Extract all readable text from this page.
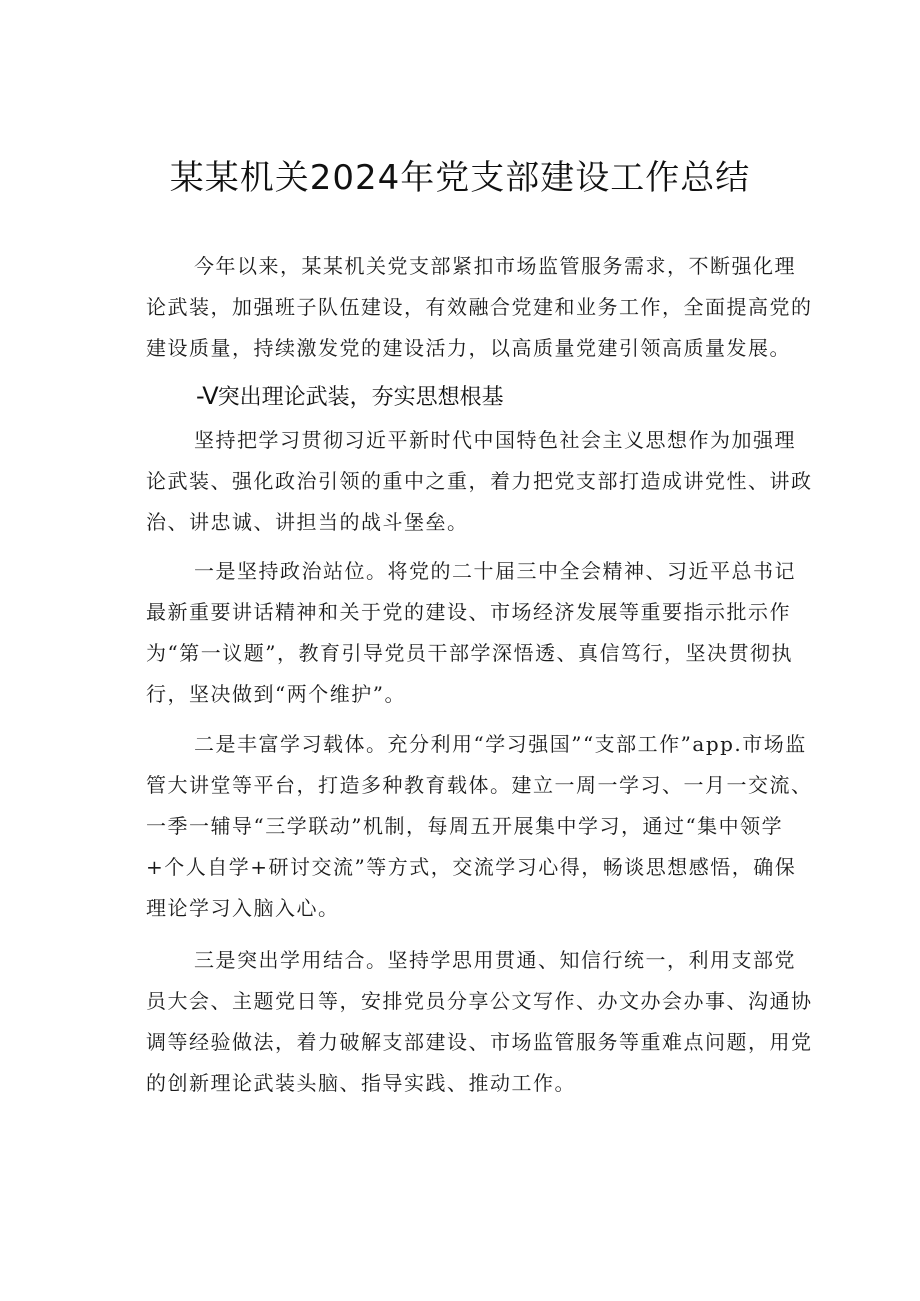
某某机关2024年党支部建设工作总结

今年以来，某某机关党支部紧扣市场监管服务需求，不断强化理论武装，加强班子队伍建设，有效融合党建和业务工作，全面提高党的建设质量，持续激发党的建设活力，以高质量党建引领高质量发展。

-V突出理论武装，夯实思想根基

坚持把学习贯彻习近平新时代中国特色社会主义思想作为加强理论武装、强化政治引领的重中之重，着力把党支部打造成讲党性、讲政治、讲忠诚、讲担当的战斗堡垒。

一是坚持政治站位。将党的二十届三中全会精神、习近平总书记最新重要讲话精神和关于党的建设、市场经济发展等重要指示批示作为“第一议题”，教育引导党员干部学深悟透、真信笃行，坚决贯彻执行，坚决做到“两个维护”。

二是丰富学习载体。充分利用“学习强国”“支部工作”app.市场监管大讲堂等平台，打造多种教育载体。建立一周一学习、一月一交流、一季一辅导“三学联动”机制，每周五开展集中学习，通过“集中领学+个人自学+研讨交流”等方式，交流学习心得，畅谈思想感悟，确保理论学习入脑入心。

三是突出学用结合。坚持学思用贯通、知信行统一，利用支部党员大会、主题党日等，安排党员分享公文写作、办文办会办事、沟通协调等经验做法，着力破解支部建设、市场监管服务等重难点问题，用党的创新理论武装头脑、指导实践、推动工作。
